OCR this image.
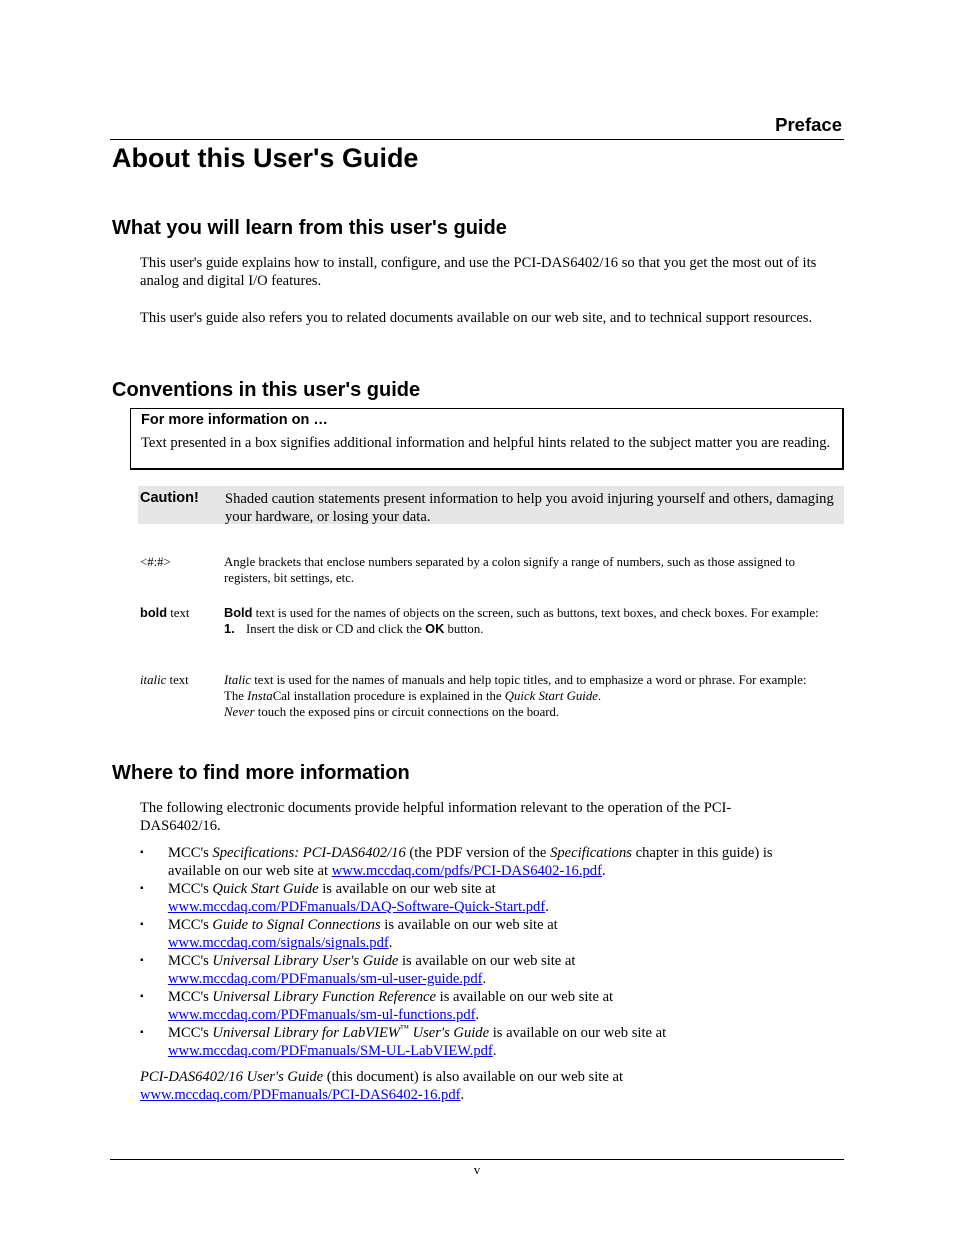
Preface
About this User's Guide
What you will learn from this user's guide
This user's guide explains how to install, configure, and use the PCI-DAS6402/16 so that you get the most out of its analog and digital I/O features.
This user's guide also refers you to related documents available on our web site, and to technical support resources.
Conventions in this user's guide
For more information on …
Text presented in a box signifies additional information and helpful hints related to the subject matter you are reading.
Caution! Shaded caution statements present information to help you avoid injuring yourself and others, damaging your hardware, or losing your data.
<#:#>	Angle brackets that enclose numbers separated by a colon signify a range of numbers, such as those assigned to registers, bit settings, etc.
bold text	Bold text is used for the names of objects on the screen, such as buttons, text boxes, and check boxes. For example:
1. Insert the disk or CD and click the OK button.
italic text	Italic text is used for the names of manuals and help topic titles, and to emphasize a word or phrase. For example:
The InstaCal installation procedure is explained in the Quick Start Guide.
Never touch the exposed pins or circuit connections on the board.
Where to find more information
The following electronic documents provide helpful information relevant to the operation of the PCI-
DAS6402/16.
▪ MCC's Specifications: PCI-DAS6402/16 (the PDF version of the Specifications chapter in this guide) is
available on our web site at www.mccdaq.com/pdfs/PCI-DAS6402-16.pdf.
▪ MCC's Quick Start Guide is available on our web site at
www.mccdaq.com/PDFmanuals/DAQ-Software-Quick-Start.pdf.
▪ MCC's Guide to Signal Connections is available on our web site at
www.mccdaq.com/signals/signals.pdf.
▪ MCC's Universal Library User's Guide is available on our web site at
www.mccdaq.com/PDFmanuals/sm-ul-user-guide.pdf.
▪ MCC's Universal Library Function Reference is available on our web site at
www.mccdaq.com/PDFmanuals/sm-ul-functions.pdf.
▪ MCC's Universal Library for LabVIEW™ User's Guide is available on our web site at
www.mccdaq.com/PDFmanuals/SM-UL-LabVIEW.pdf.
PCI-DAS6402/16 User's Guide (this document) is also available on our web site at
www.mccdaq.com/PDFmanuals/PCI-DAS6402-16.pdf.
v
